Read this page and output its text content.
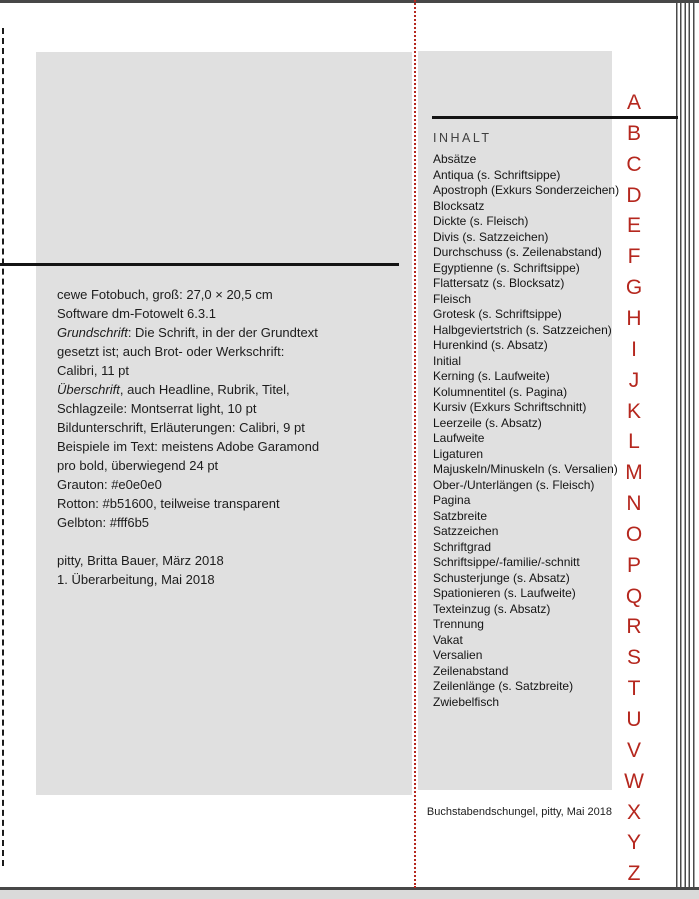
cewe Fotobuch, groß: 27,0 × 20,5 cm
Software dm-Fotowelt 6.3.1
Grundschrift: Die Schrift, in der der Grundtext
gesetzt ist; auch Brot- oder Werkschrift:
Calibri, 11 pt
Überschrift, auch Headline, Rubrik, Titel,
Schlagzeile: Montserrat light, 10 pt
Bildunterschrift, Erläuterungen: Calibri, 9 pt
Beispiele im Text: meistens Adobe Garamond
pro bold, überwiegend 24 pt
Grauton: #e0e0e0
Rotton: #b51600, teilweise transparent
Gelbton: #fff6b5
pitty, Britta Bauer, März 2018
1. Überarbeitung, Mai 2018
INHALT
Absätze
Antiqua (s. Schriftsippe)
Apostroph (Exkurs Sonderzeichen)
Blocksatz
Dickte (s. Fleisch)
Divis (s. Satzzeichen)
Durchschuss (s. Zeilenabstand)
Egyptienne (s. Schriftsippe)
Flattersatz (s. Blocksatz)
Fleisch
Grotesk (s. Schriftsippe)
Halbgeviertstrich (s. Satzzeichen)
Hurenkind (s. Absatz)
Initial
Kerning (s. Laufweite)
Kolumnentitel (s. Pagina)
Kursiv (Exkurs Schriftschnitt)
Leerzeile (s. Absatz)
Laufweite
Ligaturen
Majuskeln/Minuskeln (s. Versalien)
Ober-/Unterlängen (s. Fleisch)
Pagina
Satzbreite
Satzzeichen
Schriftgrad
Schriftsippe/-familie/-schnitt
Schusterjunge (s. Absatz)
Spationieren (s. Laufweite)
Texteinzug (s. Absatz)
Trennung
Vakat
Versalien
Zeilenabstand
Zeilenlänge (s. Satzbreite)
Zwiebelfisch
Buchstabendschungel, pitty, Mai 2018
A
B
C
D
E
F
G
H
I
J
K
L
M
N
O
P
Q
R
S
T
U
V
W
X
Y
Z
